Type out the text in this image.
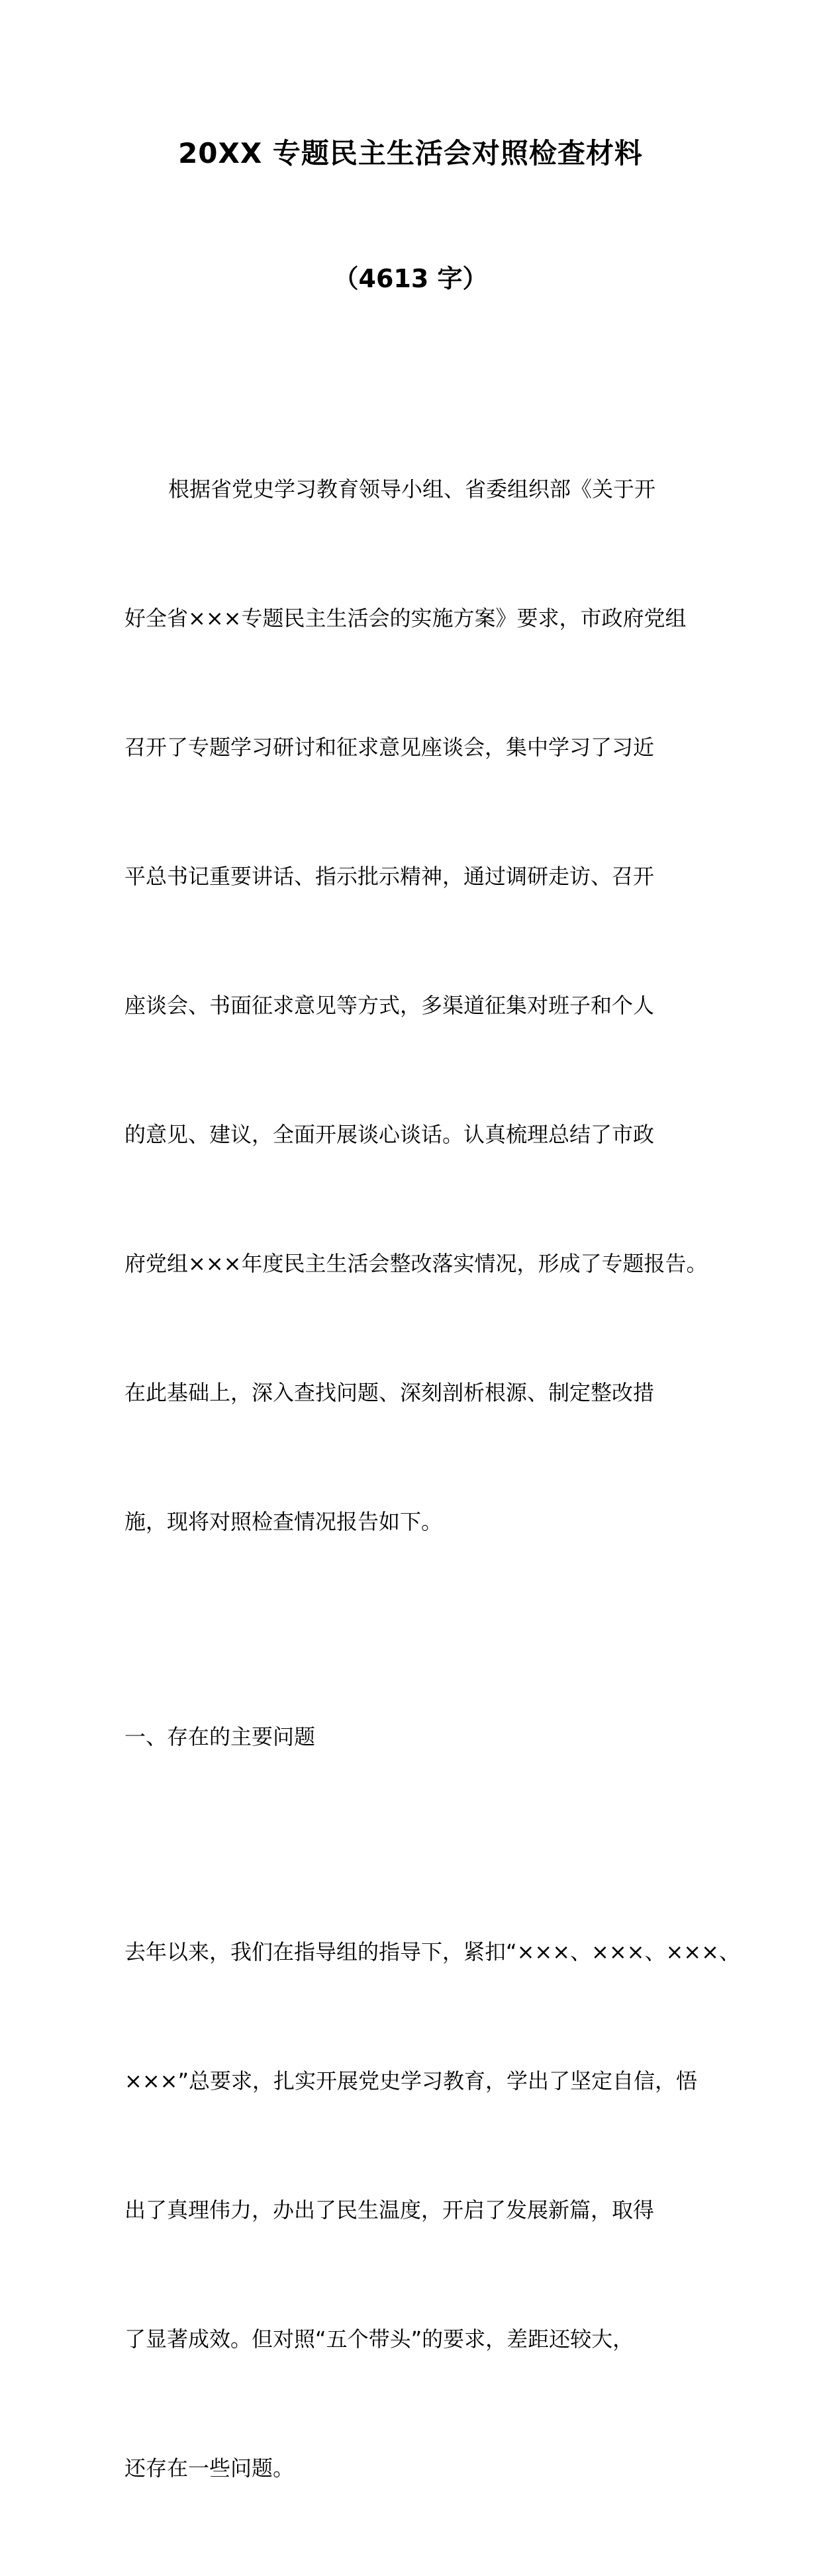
20XX 专题民主生活会对照检查材料
（4613 字）

根据省党史学习教育领导小组、省委组织部《关于开

好全省×××专题民主生活会的实施方案》要求，市政府党组

召开了专题学习研讨和征求意见座谈会，集中学习了习近

平总书记重要讲话、指示批示精神，通过调研走访、召开

座谈会、书面征求意见等方式，多渠道征集对班子和个人

的意见、建议，全面开展谈心谈话。认真梳理总结了市政

府党组×××年度民主生活会整改落实情况，形成了专题报告。

在此基础上，深入查找问题、深刻剖析根源、制定整改措

施，现将对照检查情况报告如下。

一、存在的主要问题

去年以来，我们在指导组的指导下，紧扣“×××、×××、×××、

×××”总要求，扎实开展党史学习教育，学出了坚定自信，悟

出了真理伟力，办出了民生温度，开启了发展新篇，取得

了显著成效。但对照“五个带头”的要求，差距还较大，

还存在一些问题。
